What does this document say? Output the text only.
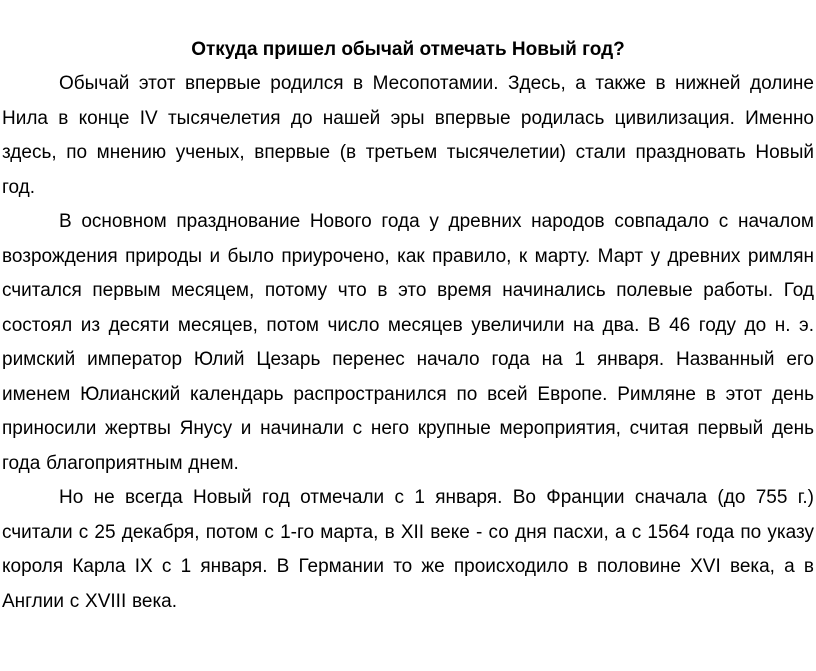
Откуда пришел обычай отмечать Новый год?

Обычай этот впервые родился в Месопотамии. Здесь, а также в нижней долине Нила в конце IV тысячелетия до нашей эры впервые родилась цивилизация. Именно здесь, по мнению ученых, впервые (в третьем тысячелетии) стали праздновать Новый год.

В основном празднование Нового года у древних народов совпадало с началом возрождения природы и было приурочено, как правило, к марту. Март у древних римлян считался первым месяцем, потому что в это время начинались полевые работы. Год состоял из десяти месяцев, потом число месяцев увеличили на два. В 46 году до н. э. римский император Юлий Цезарь перенес начало года на 1 января. Названный его именем Юлианский календарь распространился по всей Европе. Римляне в этот день приносили жертвы Янусу и начинали с него крупные мероприятия, считая первый день года благоприятным днем.

Но не всегда Новый год отмечали с 1 января. Во Франции сначала (до 755 г.) считали с 25 декабря, потом с 1-го марта, в XII веке - со дня пасхи, а с 1564 года по указу короля Карла IX с 1 января. В Германии то же происходило в половине XVI века, а в Англии с XVIII века.
